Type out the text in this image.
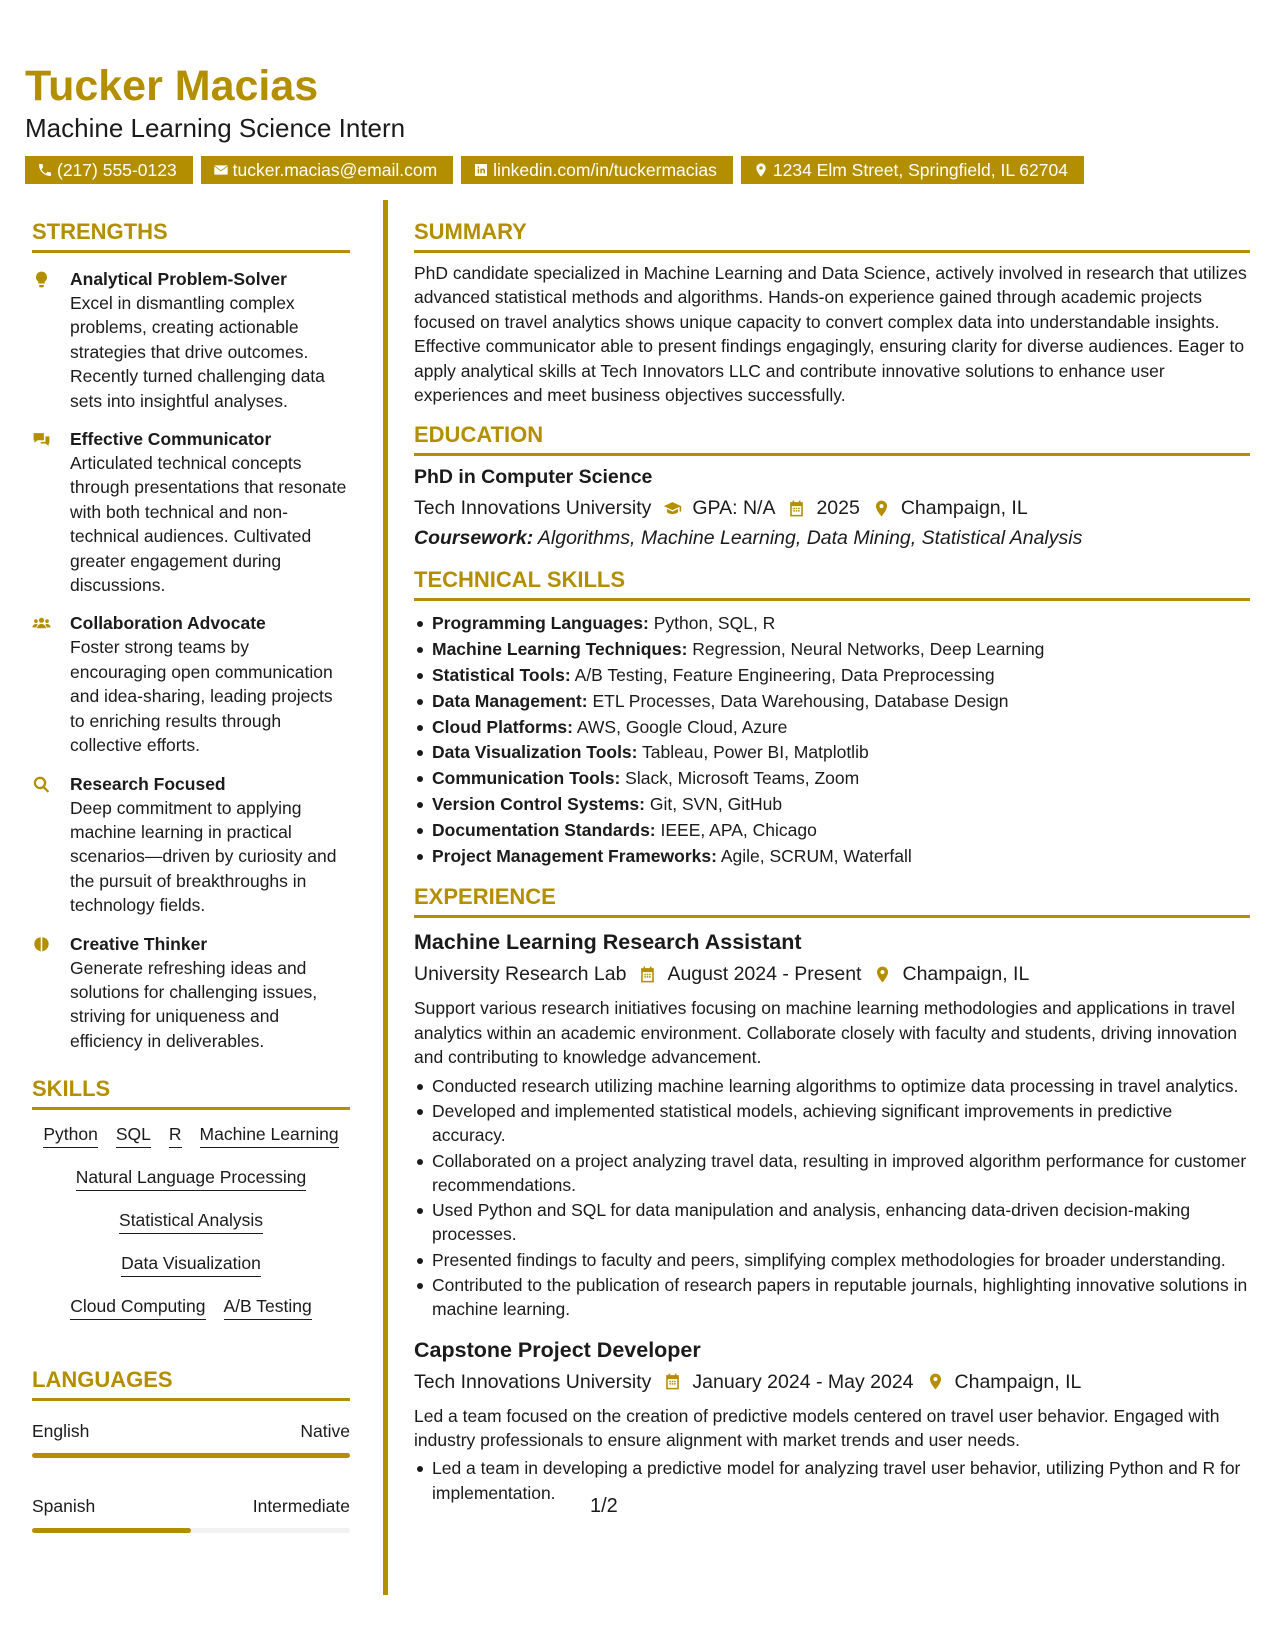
Tucker Macias
Machine Learning Science Intern
(217) 555-0123	tucker.macias@email.com	linkedin.com/in/tuckermacias	1234 Elm Street, Springfield, IL 62704
STRENGTHS
Analytical Problem-Solver
Excel in dismantling complex problems, creating actionable strategies that drive outcomes. Recently turned challenging data sets into insightful analyses.
Effective Communicator
Articulated technical concepts through presentations that resonate with both technical and non-technical audiences. Cultivated greater engagement during discussions.
Collaboration Advocate
Foster strong teams by encouraging open communication and idea-sharing, leading projects to enriching results through collective efforts.
Research Focused
Deep commitment to applying machine learning in practical scenarios—driven by curiosity and the pursuit of breakthroughs in technology fields.
Creative Thinker
Generate refreshing ideas and solutions for challenging issues, striving for uniqueness and efficiency in deliverables.
SKILLS
Python SQL R Machine Learning
Natural Language Processing
Statistical Analysis
Data Visualization
Cloud Computing A/B Testing
LANGUAGES
English	Native
Spanish	Intermediate
SUMMARY
PhD candidate specialized in Machine Learning and Data Science, actively involved in research that utilizes advanced statistical methods and algorithms. Hands-on experience gained through academic projects focused on travel analytics shows unique capacity to convert complex data into understandable insights. Effective communicator able to present findings engagingly, ensuring clarity for diverse audiences. Eager to apply analytical skills at Tech Innovators LLC and contribute innovative solutions to enhance user experiences and meet business objectives successfully.
EDUCATION
PhD in Computer Science
Tech Innovations University GPA: N/A 2025 Champaign, IL
Coursework: Algorithms, Machine Learning, Data Mining, Statistical Analysis
TECHNICAL SKILLS
Programming Languages: Python, SQL, R
Machine Learning Techniques: Regression, Neural Networks, Deep Learning
Statistical Tools: A/B Testing, Feature Engineering, Data Preprocessing
Data Management: ETL Processes, Data Warehousing, Database Design
Cloud Platforms: AWS, Google Cloud, Azure
Data Visualization Tools: Tableau, Power BI, Matplotlib
Communication Tools: Slack, Microsoft Teams, Zoom
Version Control Systems: Git, SVN, GitHub
Documentation Standards: IEEE, APA, Chicago
Project Management Frameworks: Agile, SCRUM, Waterfall
EXPERIENCE
Machine Learning Research Assistant
University Research Lab August 2024 - Present Champaign, IL
Support various research initiatives focusing on machine learning methodologies and applications in travel analytics within an academic environment. Collaborate closely with faculty and students, driving innovation and contributing to knowledge advancement.
Conducted research utilizing machine learning algorithms to optimize data processing in travel analytics.
Developed and implemented statistical models, achieving significant improvements in predictive accuracy.
Collaborated on a project analyzing travel data, resulting in improved algorithm performance for customer recommendations.
Used Python and SQL for data manipulation and analysis, enhancing data-driven decision-making processes.
Presented findings to faculty and peers, simplifying complex methodologies for broader understanding.
Contributed to the publication of research papers in reputable journals, highlighting innovative solutions in machine learning.
Capstone Project Developer
Tech Innovations University January 2024 - May 2024 Champaign, IL
Led a team focused on the creation of predictive models centered on travel user behavior. Engaged with industry professionals to ensure alignment with market trends and user needs.
Led a team in developing a predictive model for analyzing travel user behavior, utilizing Python and R for implementation.
1/2
